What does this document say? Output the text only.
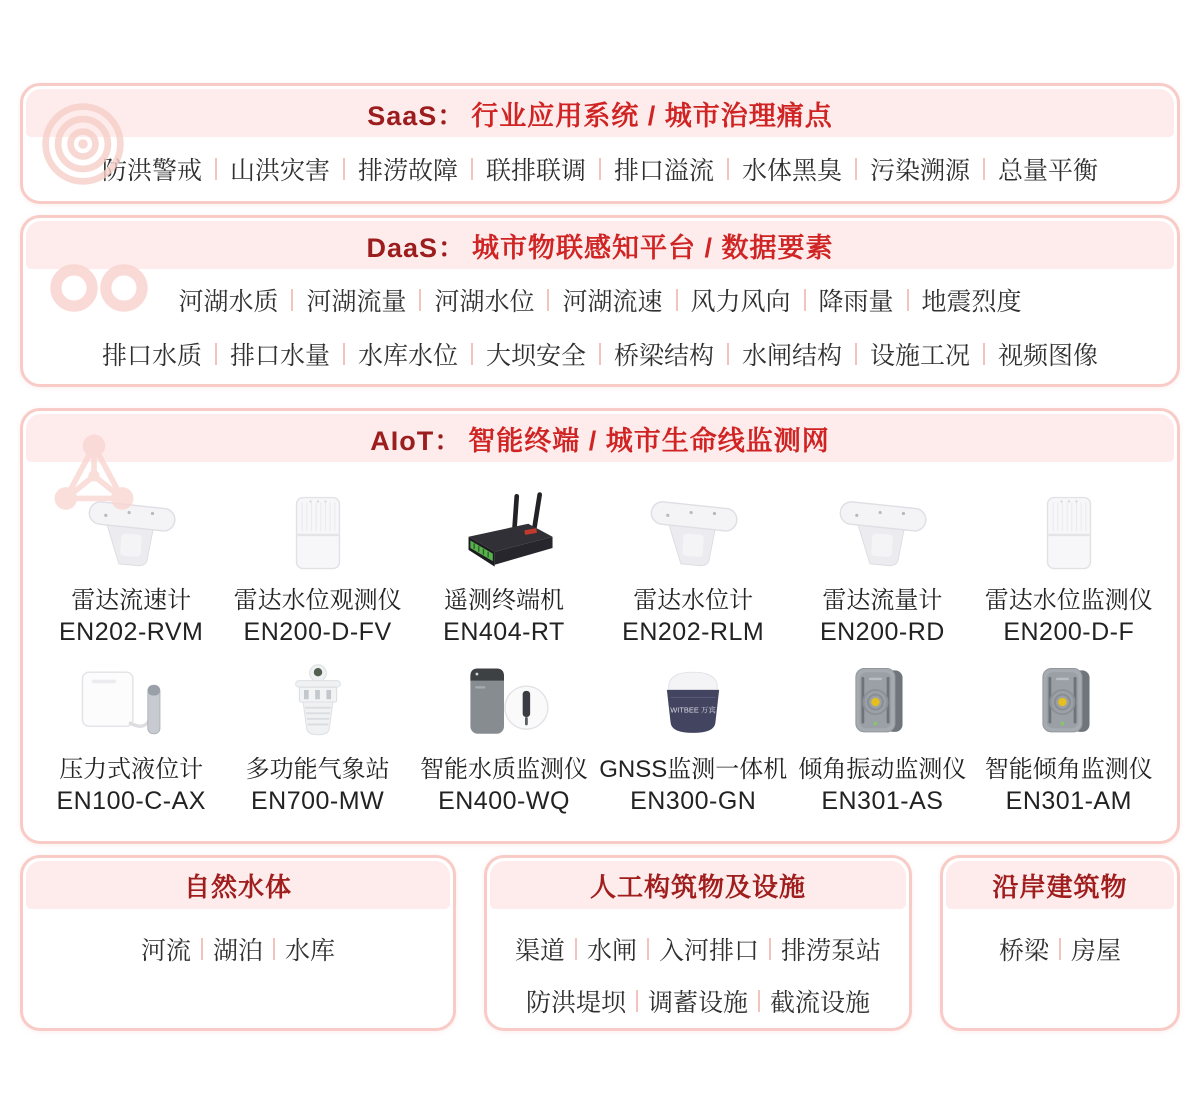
SaaS： 行业应用系统 / 城市治理痛点
防洪警戒 山洪灾害 排涝故障 联排联调 排口溢流 水体黑臭 污染溯源 总量平衡
DaaS： 城市物联感知平台 / 数据要素
河湖水质 河湖流量 河湖水位 河湖流速 风力风向 降雨量 地震烈度
排口水质 排口水量 水库水位 大坝安全 桥梁结构 水闸结构 设施工况 视频图像
AIoT： 智能终端 / 城市生命线监测网
雷达流速计
EN202-RVM
雷达水位观测仪
EN200-D-FV
遥测终端机
EN404-RT
雷达水位计
EN202-RLM
雷达流量计
EN200-RD
雷达水位监测仪
EN200-D-F
压力式液位计
EN100-C-AX
多功能气象站
EN700-MW
智能水质监测仪
EN400-WQ
WITBEE 万宾
GNSS监测一体机
EN300-GN
倾角振动监测仪
EN301-AS
智能倾角监测仪
EN301-AM
自然水体
河流 湖泊 水库
人工构筑物及设施
渠道 水闸 入河排口 排涝泵站
防洪堤坝 调蓄设施 截流设施
沿岸建筑物
桥梁 房屋
